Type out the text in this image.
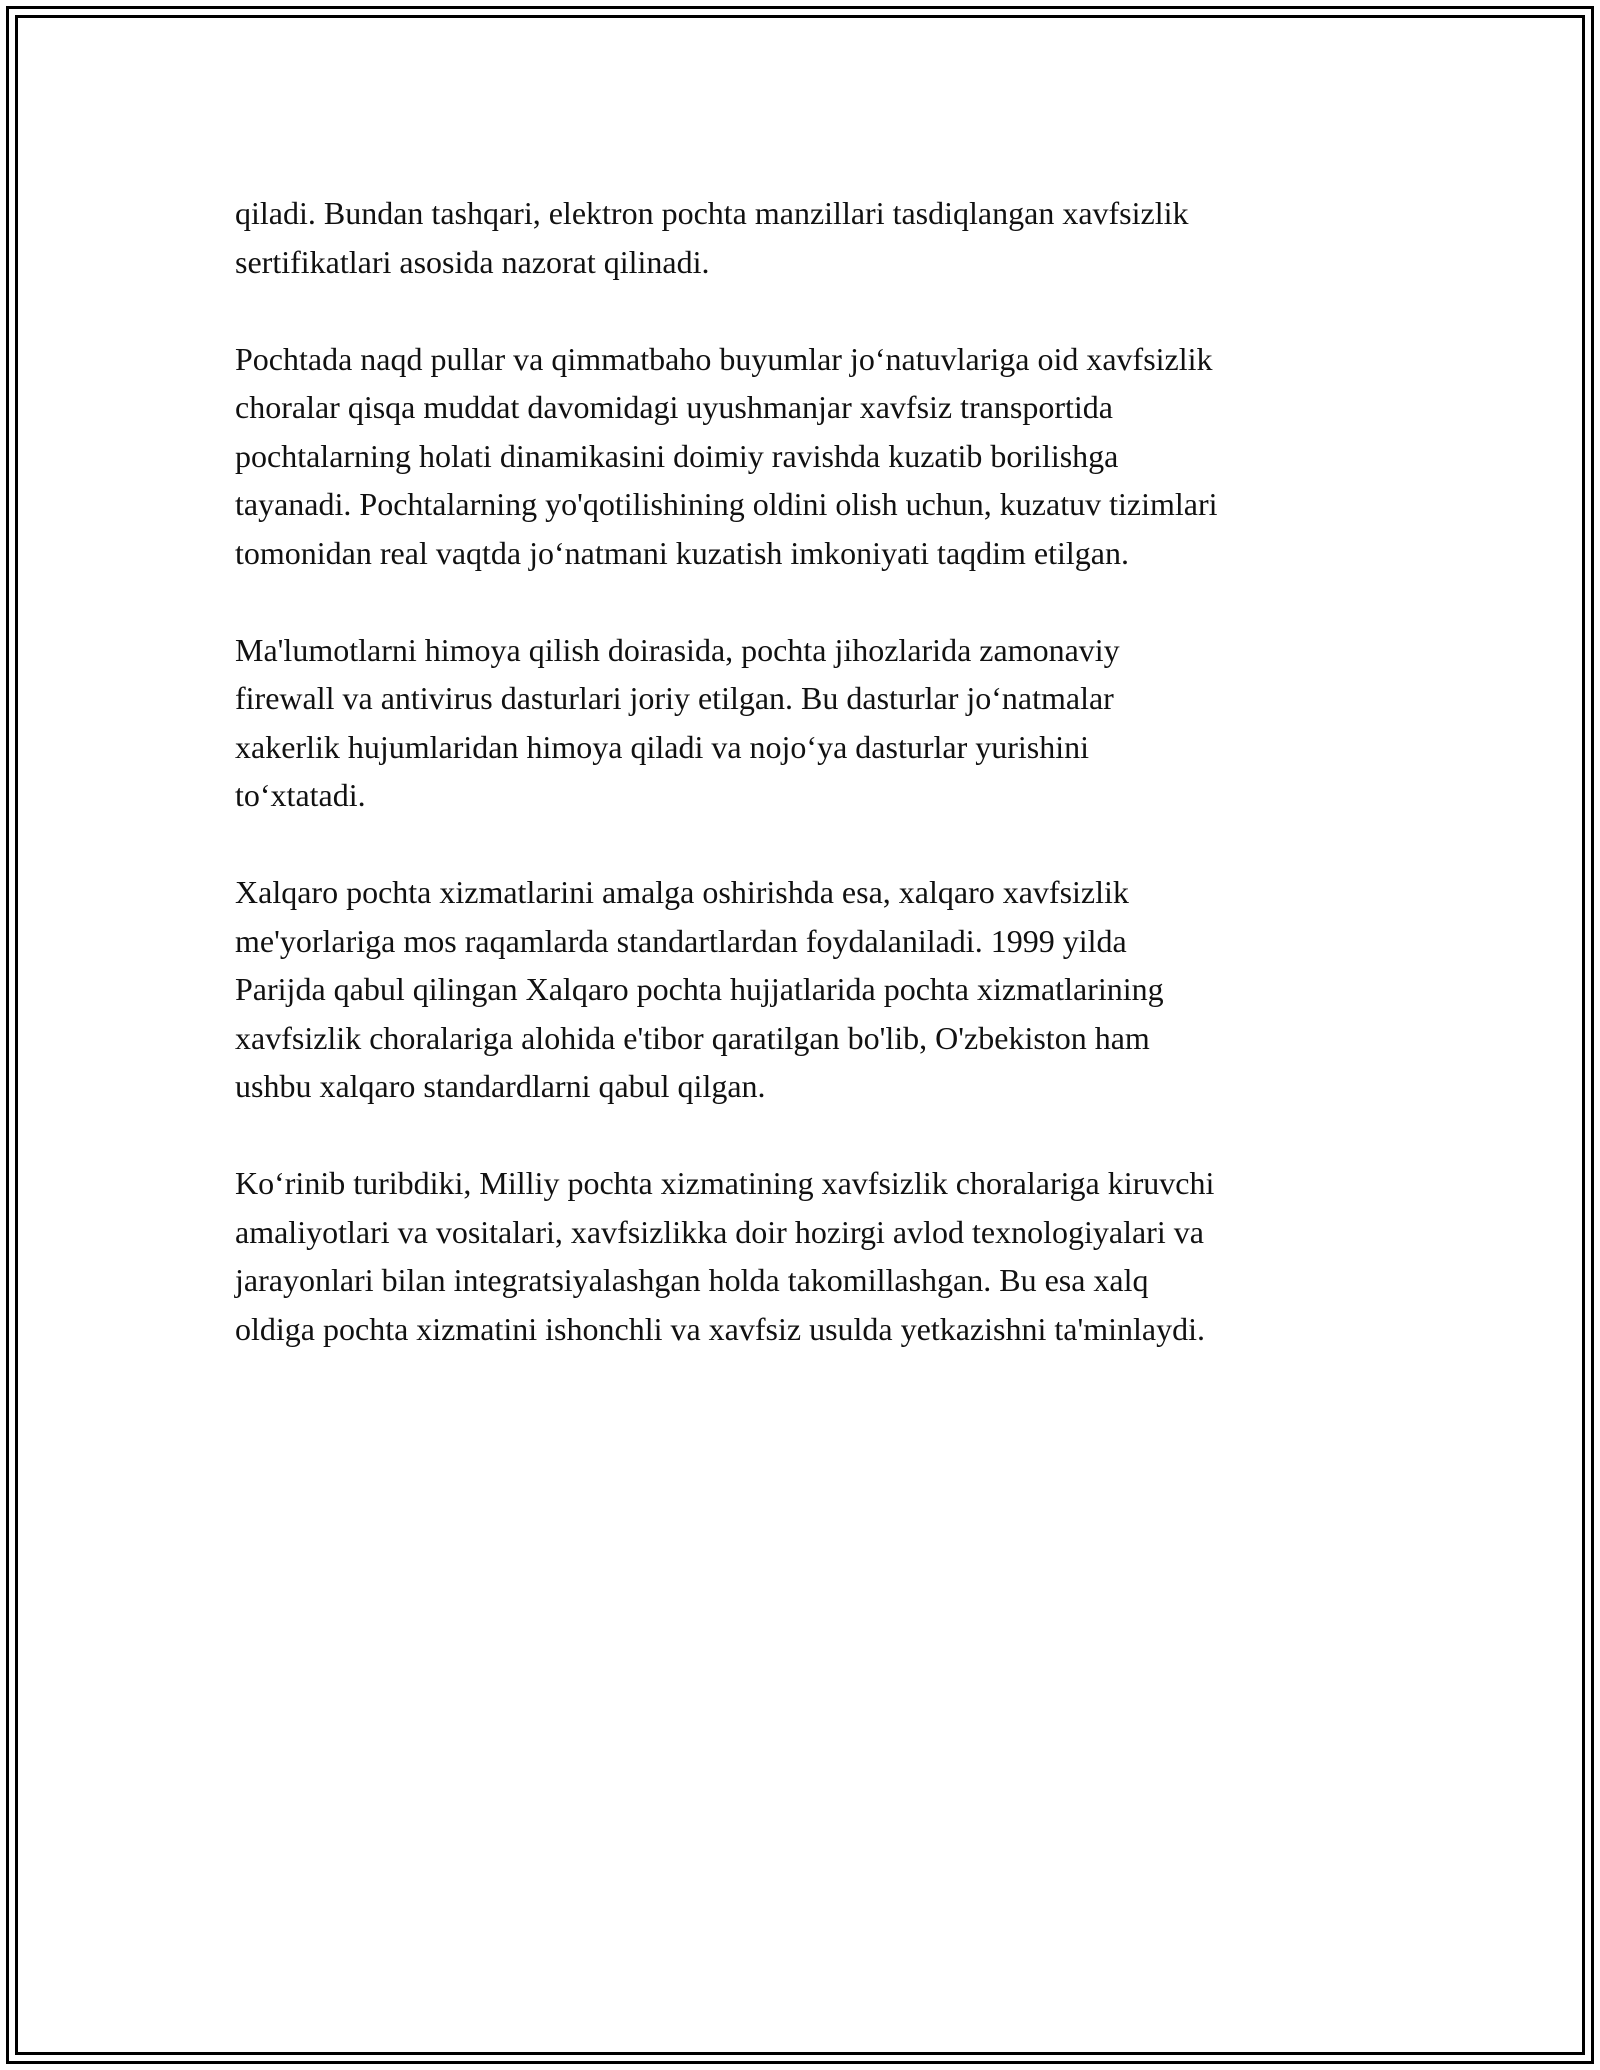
qiladi. Bundan tashqari, elektron pochta manzillari tasdiqlangan xavfsizlik
sertifikatlari asosida nazorat qilinadi.

Pochtada naqd pullar va qimmatbaho buyumlar jo‘natuvlariga oid xavfsizlik
choralar qisqa muddat davomidagi uyushmanjar xavfsiz transportida
pochtalarning holati dinamikasini doimiy ravishda kuzatib borilishga
tayanadi. Pochtalarning yo'qotilishining oldini olish uchun, kuzatuv tizimlari
tomonidan real vaqtda jo‘natmani kuzatish imkoniyati taqdim etilgan.

Ma'lumotlarni himoya qilish doirasida, pochta jihozlarida zamonaviy
firewall va antivirus dasturlari joriy etilgan. Bu dasturlar jo‘natmalar
xakerlik hujumlaridan himoya qiladi va nojo‘ya dasturlar yurishini
to‘xtatadi.

Xalqaro pochta xizmatlarini amalga oshirishda esa, xalqaro xavfsizlik
me'yorlariga mos raqamlarda standartlardan foydalaniladi. 1999 yilda
Parijda qabul qilingan Xalqaro pochta hujjatlarida pochta xizmatlarining
xavfsizlik choralariga alohida e'tibor qaratilgan bo'lib, O'zbekiston ham
ushbu xalqaro standardlarni qabul qilgan.

Ko‘rinib turibdiki, Milliy pochta xizmatining xavfsizlik choralariga kiruvchi
amaliyotlari va vositalari, xavfsizlikka doir hozirgi avlod texnologiyalari va
jarayonlari bilan integratsiyalashgan holda takomillashgan. Bu esa xalq
oldiga pochta xizmatini ishonchli va xavfsiz usulda yetkazishni ta'minlaydi.
